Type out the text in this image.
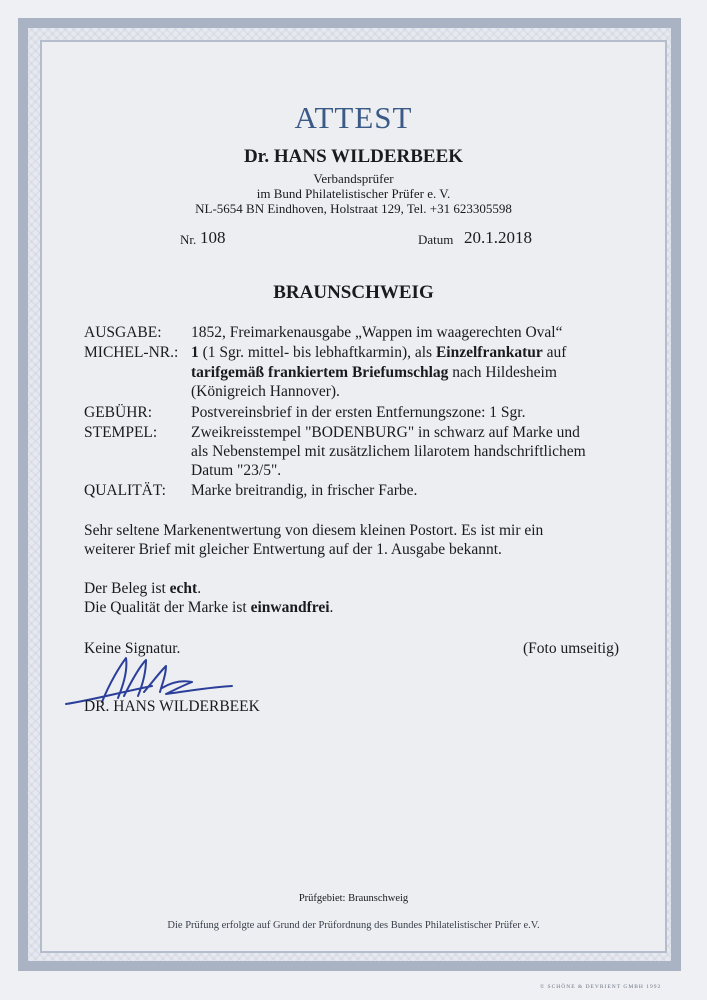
ATTEST
Dr. HANS WILDERBEEK
Verbandsprüfer
im Bund Philatelistischer Prüfer e. V.
NL-5654 BN Eindhoven, Holstraat 129, Tel. +31 623305598
Nr. 108	Datum 20.1.2018
BRAUNSCHWEIG
AUSGABE: 1852, Freimarkenausgabe „Wappen im waagerechten Oval“
MICHEL-NR.: 1 (1 Sgr. mittel- bis lebhaftkarmin), als Einzelfrankatur auf
tarifgemäß frankiertem Briefumschlag nach Hildesheim
(Königreich Hannover).
GEBÜHR:	Postvereinsbrief in der ersten Entfernungszone: 1 Sgr.
STEMPEL: Zweikreisstempel "BODENBURG" in schwarz auf Marke und
als Nebenstempel mit zusätzlichem lilarotem handschriftlichem
Datum "23/5".
QUALITÄT: Marke breitrandig, in frischer Farbe.
Sehr seltene Markenentwertung von diesem kleinen Postort. Es ist mir ein
weiterer Brief mit gleicher Entwertung auf der 1. Ausgabe bekannt.
Der Beleg ist echt.
Die Qualität der Marke ist einwandfrei.
Keine Signatur.	(Foto umseitig)
DR. HANS WILDERBEEK
Prüfgebiet: Braunschweig
Die Prüfung erfolgte auf Grund der Prüfordnung des Bundes Philatelistischer Prüfer e.V.
© SCHÖNE & DEVRIENT GMBH 1992
